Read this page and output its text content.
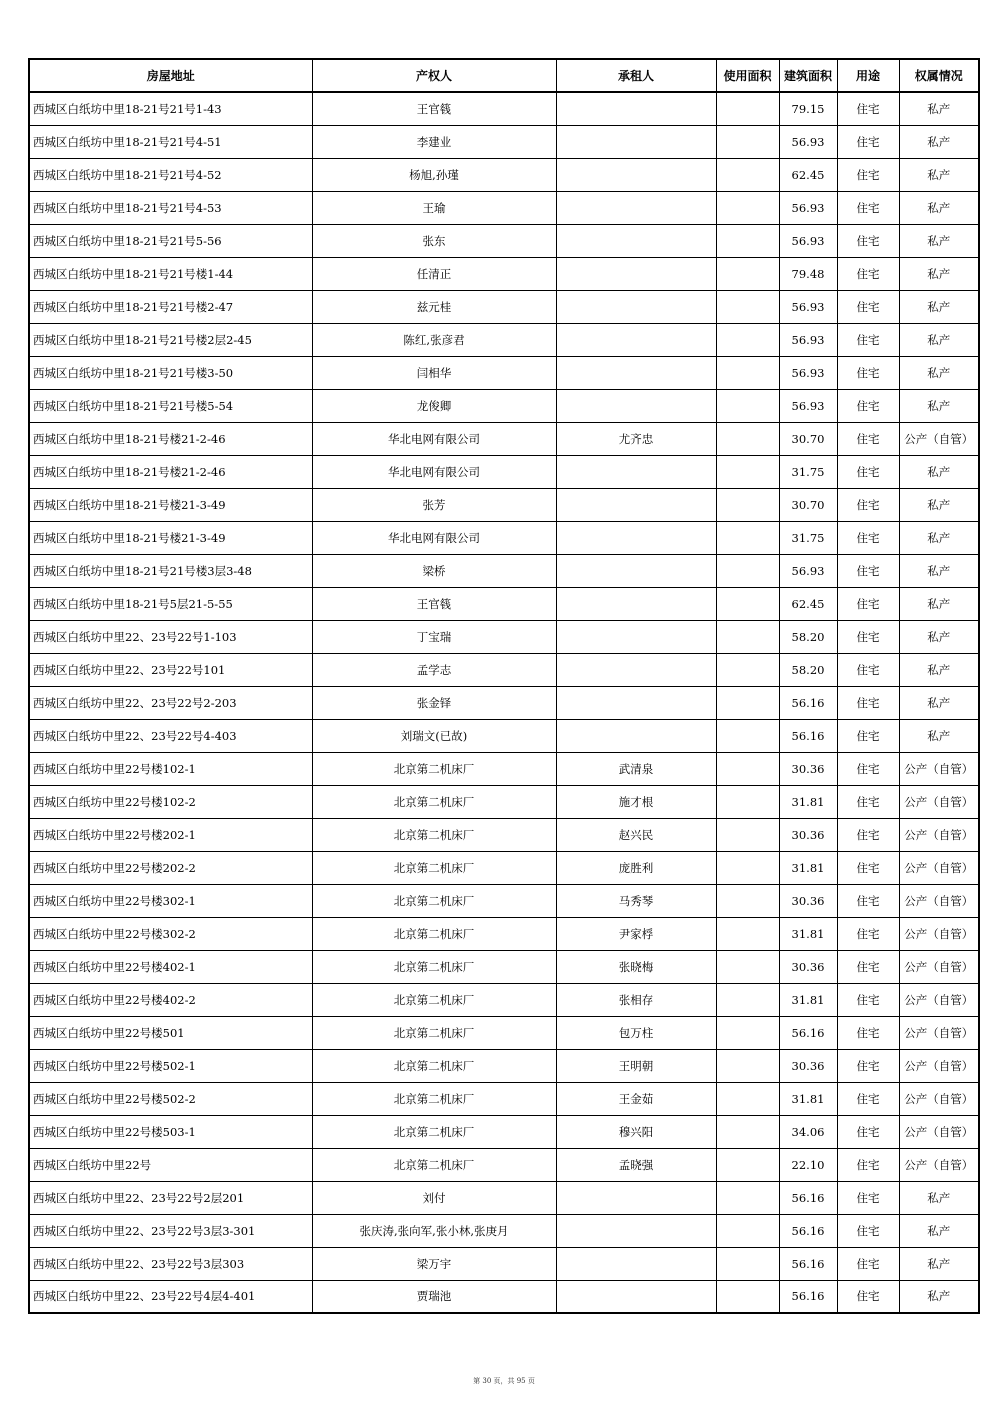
房屋地址	产权人	承租人	使用面积	建筑面积	用途	权属情况
西城区白纸坊中里18-21号21号1-43	王官篯			79.15	住宅	私产
西城区白纸坊中里18-21号21号4-51	李建业			56.93	住宅	私产
西城区白纸坊中里18-21号21号4-52	杨旭,孙瑾			62.45	住宅	私产
西城区白纸坊中里18-21号21号4-53	王瑜			56.93	住宅	私产
西城区白纸坊中里18-21号21号5-56	张东			56.93	住宅	私产
西城区白纸坊中里18-21号21号楼1-44	任清正			79.48	住宅	私产
西城区白纸坊中里18-21号21号楼2-47	兹元桂			56.93	住宅	私产
西城区白纸坊中里18-21号21号楼2层2-45	陈红,张彦君			56.93	住宅	私产
西城区白纸坊中里18-21号21号楼3-50	闫相华			56.93	住宅	私产
西城区白纸坊中里18-21号21号楼5-54	龙俊卿			56.93	住宅	私产
西城区白纸坊中里18-21号楼21-2-46	华北电网有限公司	尤齐忠		30.70	住宅	公产（自管）
西城区白纸坊中里18-21号楼21-2-46	华北电网有限公司			31.75	住宅	私产
西城区白纸坊中里18-21号楼21-3-49	张芳			30.70	住宅	私产
西城区白纸坊中里18-21号楼21-3-49	华北电网有限公司			31.75	住宅	私产
西城区白纸坊中里18-21号21号楼3层3-48	梁桥			56.93	住宅	私产
西城区白纸坊中里18-21号5层21-5-55	王官篯			62.45	住宅	私产
西城区白纸坊中里22、23号22号1-103	丁宝瑞			58.20	住宅	私产
西城区白纸坊中里22、23号22号101	孟学志			58.20	住宅	私产
西城区白纸坊中里22、23号22号2-203	张金铎			56.16	住宅	私产
西城区白纸坊中里22、23号22号4-403	刘瑞文(已故)			56.16	住宅	私产
西城区白纸坊中里22号楼102-1	北京第二机床厂	武清泉		30.36	住宅	公产（自管）
西城区白纸坊中里22号楼102-2	北京第二机床厂	施才根		31.81	住宅	公产（自管）
西城区白纸坊中里22号楼202-1	北京第二机床厂	赵兴民		30.36	住宅	公产（自管）
西城区白纸坊中里22号楼202-2	北京第二机床厂	庞胜利		31.81	住宅	公产（自管）
西城区白纸坊中里22号楼302-1	北京第二机床厂	马秀琴		30.36	住宅	公产（自管）
西城区白纸坊中里22号楼302-2	北京第二机床厂	尹家桴		31.81	住宅	公产（自管）
西城区白纸坊中里22号楼402-1	北京第二机床厂	张晓梅		30.36	住宅	公产（自管）
西城区白纸坊中里22号楼402-2	北京第二机床厂	张相存		31.81	住宅	公产（自管）
西城区白纸坊中里22号楼501	北京第二机床厂	包万柱		56.16	住宅	公产（自管）
西城区白纸坊中里22号楼502-1	北京第二机床厂	王明朝		30.36	住宅	公产（自管）
西城区白纸坊中里22号楼502-2	北京第二机床厂	王金茹		31.81	住宅	公产（自管）
西城区白纸坊中里22号楼503-1	北京第二机床厂	穆兴阳		34.06	住宅	公产（自管）
西城区白纸坊中里22号	北京第二机床厂	孟晓强		22.10	住宅	公产（自管）
西城区白纸坊中里22、23号22号2层201	刘付			56.16	住宅	私产
西城区白纸坊中里22、23号22号3层3-301	张庆涛,张向军,张小林,张庚月			56.16	住宅	私产
西城区白纸坊中里22、23号22号3层303	梁万宇			56.16	住宅	私产
西城区白纸坊中里22、23号22号4层4-401	贾瑞池			56.16	住宅	私产
第 30 页，共 95 页
